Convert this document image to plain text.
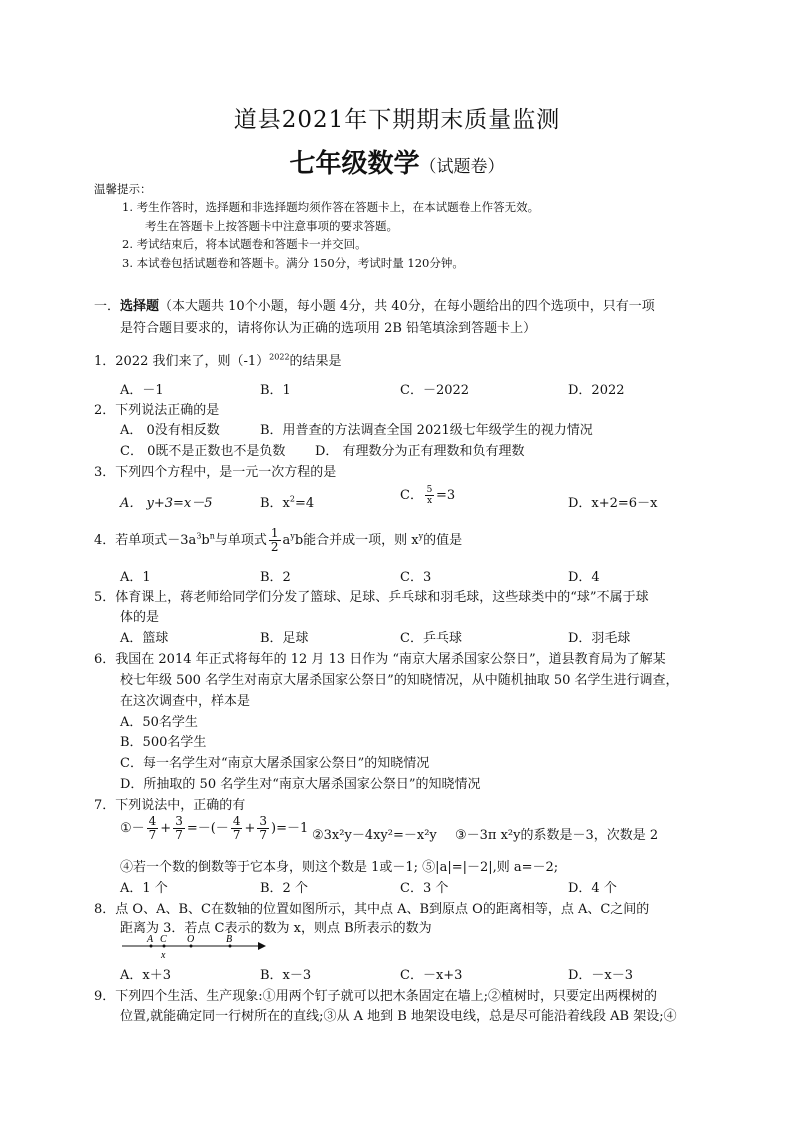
道县2021年下期期末质量监测
七年级数学（试题卷）
温馨提示：
1. 考生作答时，选择题和非选择题均须作答在答题卡上，在本试题卷上作答无效。
考生在答题卡上按答题卡中注意事项的要求答题。
2. 考试结束后，将本试题卷和答题卡一并交回。
3. 本试卷包括试题卷和答题卡。满分 150分，考试时量 120分钟。
一．选择题（本大题共 10个小题，每小题 4分，共 40分，在每小题给出的四个选项中，只有一项
是符合题目要求的，请将你认为正确的选项用 2B 铅笔填涂到答题卡上）
1．2022 我们来了，则$(-1)^{2022}$的结果是
A．－1	B．1	C．－2022	D．2022
2．下列说法正确的是
A． 0没有相反数	B．用普查的方法调查全国 2021级七年级学生的视力情况
C． 0既不是正数也不是负数 D． 有理数分为正有理数和负有理数
3．下列四个方程中，是一元一次方程的是
A． y+3=x－5	B．$x^2=4$
C． $\frac{5}{x} =3$
D．x+2=6－x
4．若单项式$-3a^3b^n$与单项式 $\frac{1}{2} a^yb$能合并成一项，则 $x^y$的值是
A．1	B．2	C．3	D．4
5．体育课上，蒋老师给同学们分发了篮球、足球、乒乓球和羽毛球，这些球类中的“球”不属于球
体的是
A．篮球	B．足球	C．乒乓球	D．羽毛球
6．我国在 2014 年正式将每年的 12 月 13 日作为 “南京大屠杀国家公祭日”，道县教育局为了解某
校七年级 500 名学生对南京大屠杀国家公祭日”的知晓情况，从中随机抽取 50 名学生进行调查，
在这次调查中，样本是
A．50名学生
B．500名学生
C．每一名学生对“南京大屠杀国家公祭日”的知晓情况
D．所抽取的 50 名学生对“南京大屠杀国家公祭日”的知晓情况
7．下列说法中，正确的有
①－ $\frac{4}{7} + \frac{3}{7}$ =－(－ $\frac{4}{7} + \frac{3}{7} )=-1$ ②3x²y－4xy²=－x²y ③－3π x²y的系数是－3，次数是 2
④若一个数的倒数等于它本身，则这个数是 1或－1; ⑤|a|=|－2|,则 a=－2;
A．1 个	B．2 个	C．3 个	D．4 个
8．点 O、A、B、C在数轴的位置如图所示，其中点 A、B到原点 O的距离相等，点 A、C之间的
距离为 3．若点 C表示的数为 x，则点 B所表示的数为
A C O	B
x
A．x＋3	B．x－3	C．－x+3	D．－x－3
9．下列四个生活、生产现象:①用两个钉子就可以把木条固定在墙上;②植树时，只要定出两棵树的
位置,就能确定同一行树所在的直线;③从 A 地到 B 地架设电线，总是尽可能沿着线段 AB 架设;④
